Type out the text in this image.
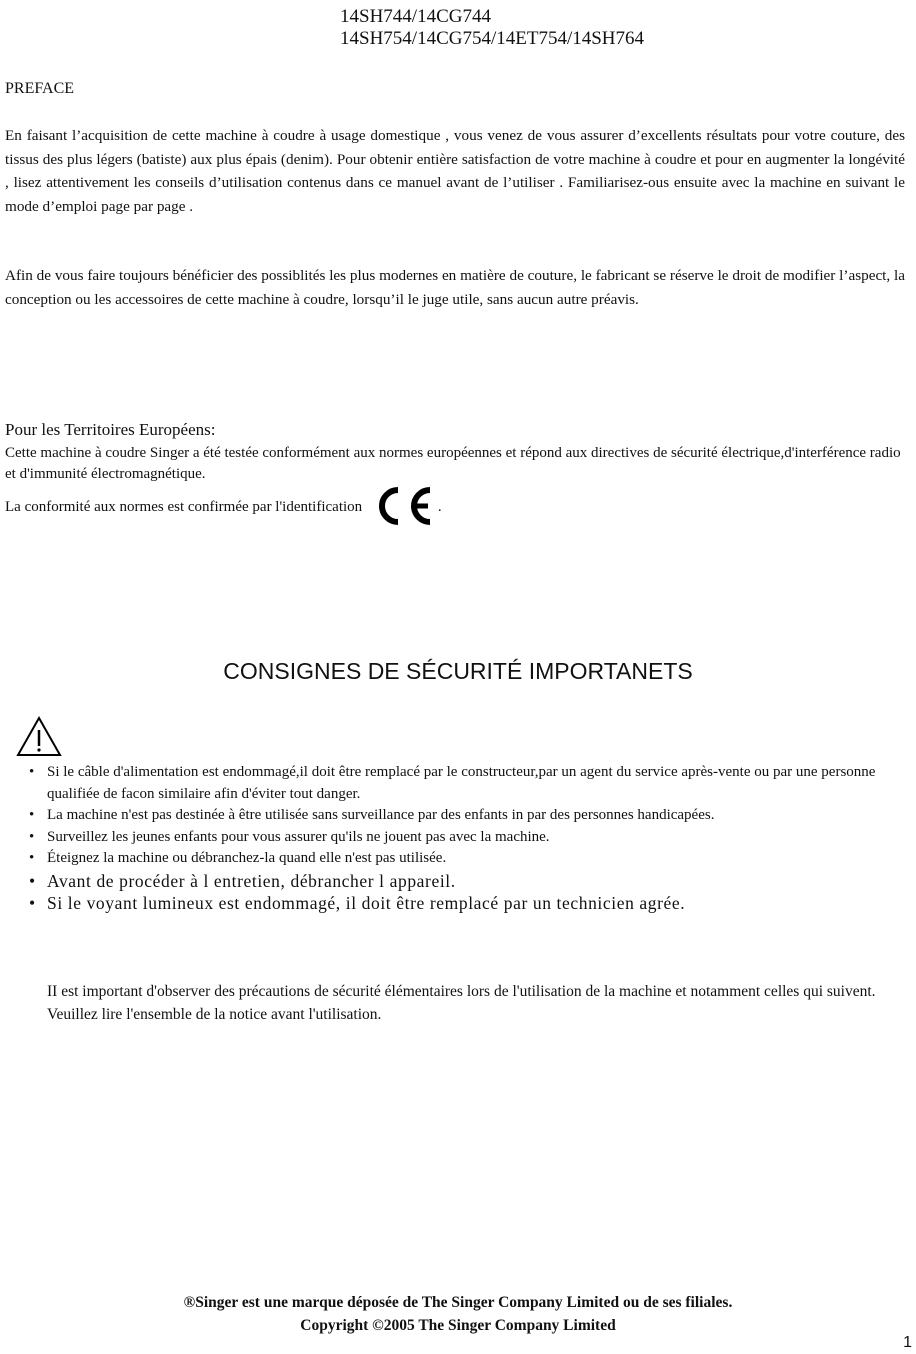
14SH744/14CG744
14SH754/14CG754/14ET754/14SH764
PREFACE
En faisant l’acquisition de cette machine à coudre à usage domestique , vous venez de vous assurer d’excellents résultats pour votre couture, des tissus des plus légers (batiste) aux plus épais (denim). Pour obtenir entière satisfaction de votre machine à coudre et pour en augmenter la longévité , lisez attentivement les conseils d’utilisation contenus dans ce manuel avant de l’utiliser . Familiarisez-ous ensuite avec la machine en suivant le mode d’emploi page par page .
Afin de vous faire toujours bénéficier des possiblités les plus modernes en matière de couture, le fabricant se réserve le droit de modifier l’aspect, la conception ou les accessoires de cette machine à coudre, lorsqu’il le juge utile, sans aucun autre préavis.
Pour les Territoires Européens:
Cette machine à coudre Singer a été testée conformément aux normes européennes et répond aux directives de sécurité électrique,d'interférence radio et d'immunité électromagnétique.
La conformité aux normes est confirmée par l'identification	.
CONSIGNES DE SÉCURITÉ IMPORTANETS
• Si le câble d'alimentation est endommagé,il doit être remplacé par le constructeur,par un agent du service après-vente ou par une personne qualifiée de facon similaire afin d'éviter tout danger.
• La machine n'est pas destinée à être utilisée sans surveillance par des enfants in par des personnes handicapées.
• Surveillez les jeunes enfants pour vous assurer qu'ils ne jouent pas avec la machine.
• Éteignez la machine ou débranchez-la quand elle n'est pas utilisée.
• Avant de procéder à l entretien, débrancher l appareil.
• Si le voyant lumineux est endommagé, il doit être remplacé par un technicien agrée.
II est important d'observer des précautions de sécurité élémentaires lors de l'utilisation de la machine et notamment celles qui suivent.
Veuillez lire l'ensemble de la notice avant l'utilisation.
®Singer est une marque déposée de The Singer Company Limited ou de ses filiales.
Copyright ©2005 The Singer Company Limited
1
